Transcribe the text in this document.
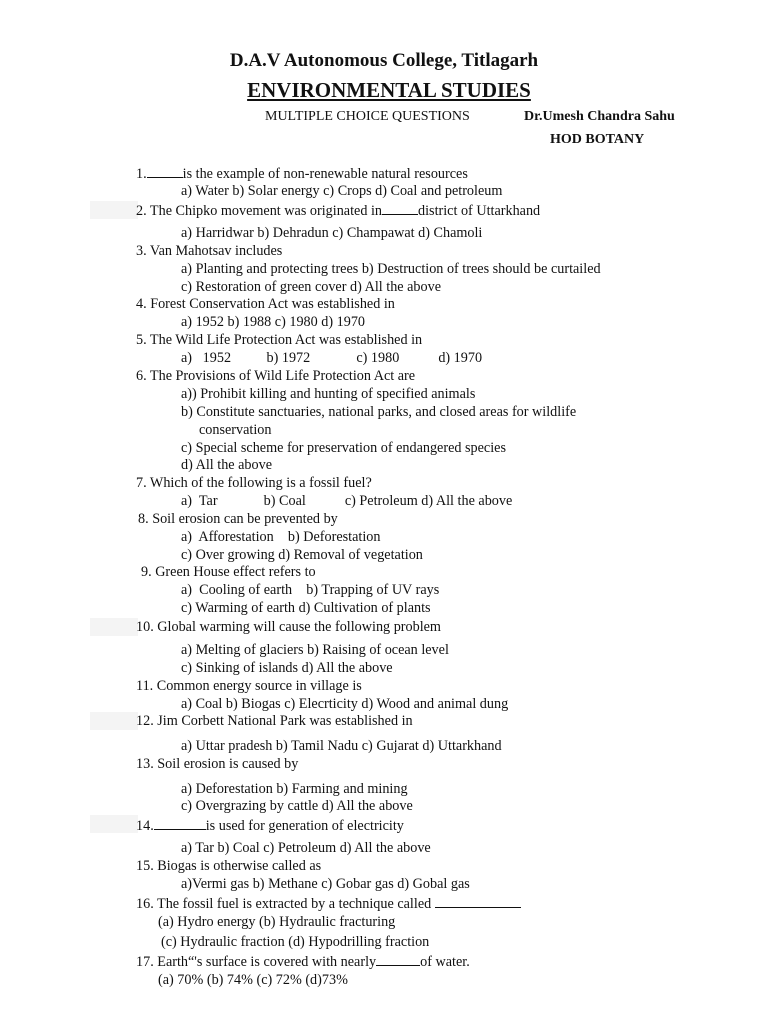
D.A.V Autonomous College, Titlagarh
ENVIRONMENTAL STUDIES
MULTIPLE CHOICE QUESTIONS	Dr.Umesh Chandra Sahu
HOD BOTANY
1.	is the example of non-renewable natural resources
a) Water b) Solar energy c) Crops d) Coal and petroleum
2. The Chipko movement was originated in	district of Uttarkhand
a) Harridwar b) Dehradun c) Champawat d) Chamoli
3. Van Mahotsav includes
a) Planting and protecting trees b) Destruction of trees should be curtailed
c) Restoration of green cover d) All the above
4. Forest Conservation Act was established in
a) 1952 b) 1988 c) 1980 d) 1970
5. The Wild Life Protection Act was established in
a)   1952          b) 1972             c) 1980           d) 1970
6. The Provisions of Wild Life Protection Act are
a)) Prohibit killing and hunting of specified animals
b) Constitute sanctuaries, national parks, and closed areas for wildlife
conservation
c) Special scheme for preservation of endangered species
d) All the above
7. Which of the following is a fossil fuel?
a)  Tar             b) Coal           c) Petroleum d) All the above
8. Soil erosion can be prevented by
a)  Afforestation    b) Deforestation
c) Over growing d) Removal of vegetation
9. Green House effect refers to
a)  Cooling of earth    b) Trapping of UV rays
c) Warming of earth d) Cultivation of plants
10. Global warming will cause the following problem
a) Melting of glaciers b) Raising of ocean level
c) Sinking of islands d) All the above
11. Common energy source in village is
a) Coal b) Biogas c) Elecrticity d) Wood and animal dung
12. Jim Corbett National Park was established in
a) Uttar pradesh b) Tamil Nadu c) Gujarat d) Uttarkhand
13. Soil erosion is caused by
a) Deforestation b) Farming and mining
c) Overgrazing by cattle d) All the above
14.	is used for generation of electricity
a) Tar b) Coal c) Petroleum d) All the above
15. Biogas is otherwise called as
a)Vermi gas b) Methane c) Gobar gas d) Gobal gas
16. The fossil fuel is extracted by a technique called
(a) Hydro energy (b) Hydraulic fracturing
(c) Hydraulic fraction (d) Hypodrilling fraction
17. Earth“'s surface is covered with nearly	of water.
(a) 70% (b) 74% (c) 72% (d)73%
